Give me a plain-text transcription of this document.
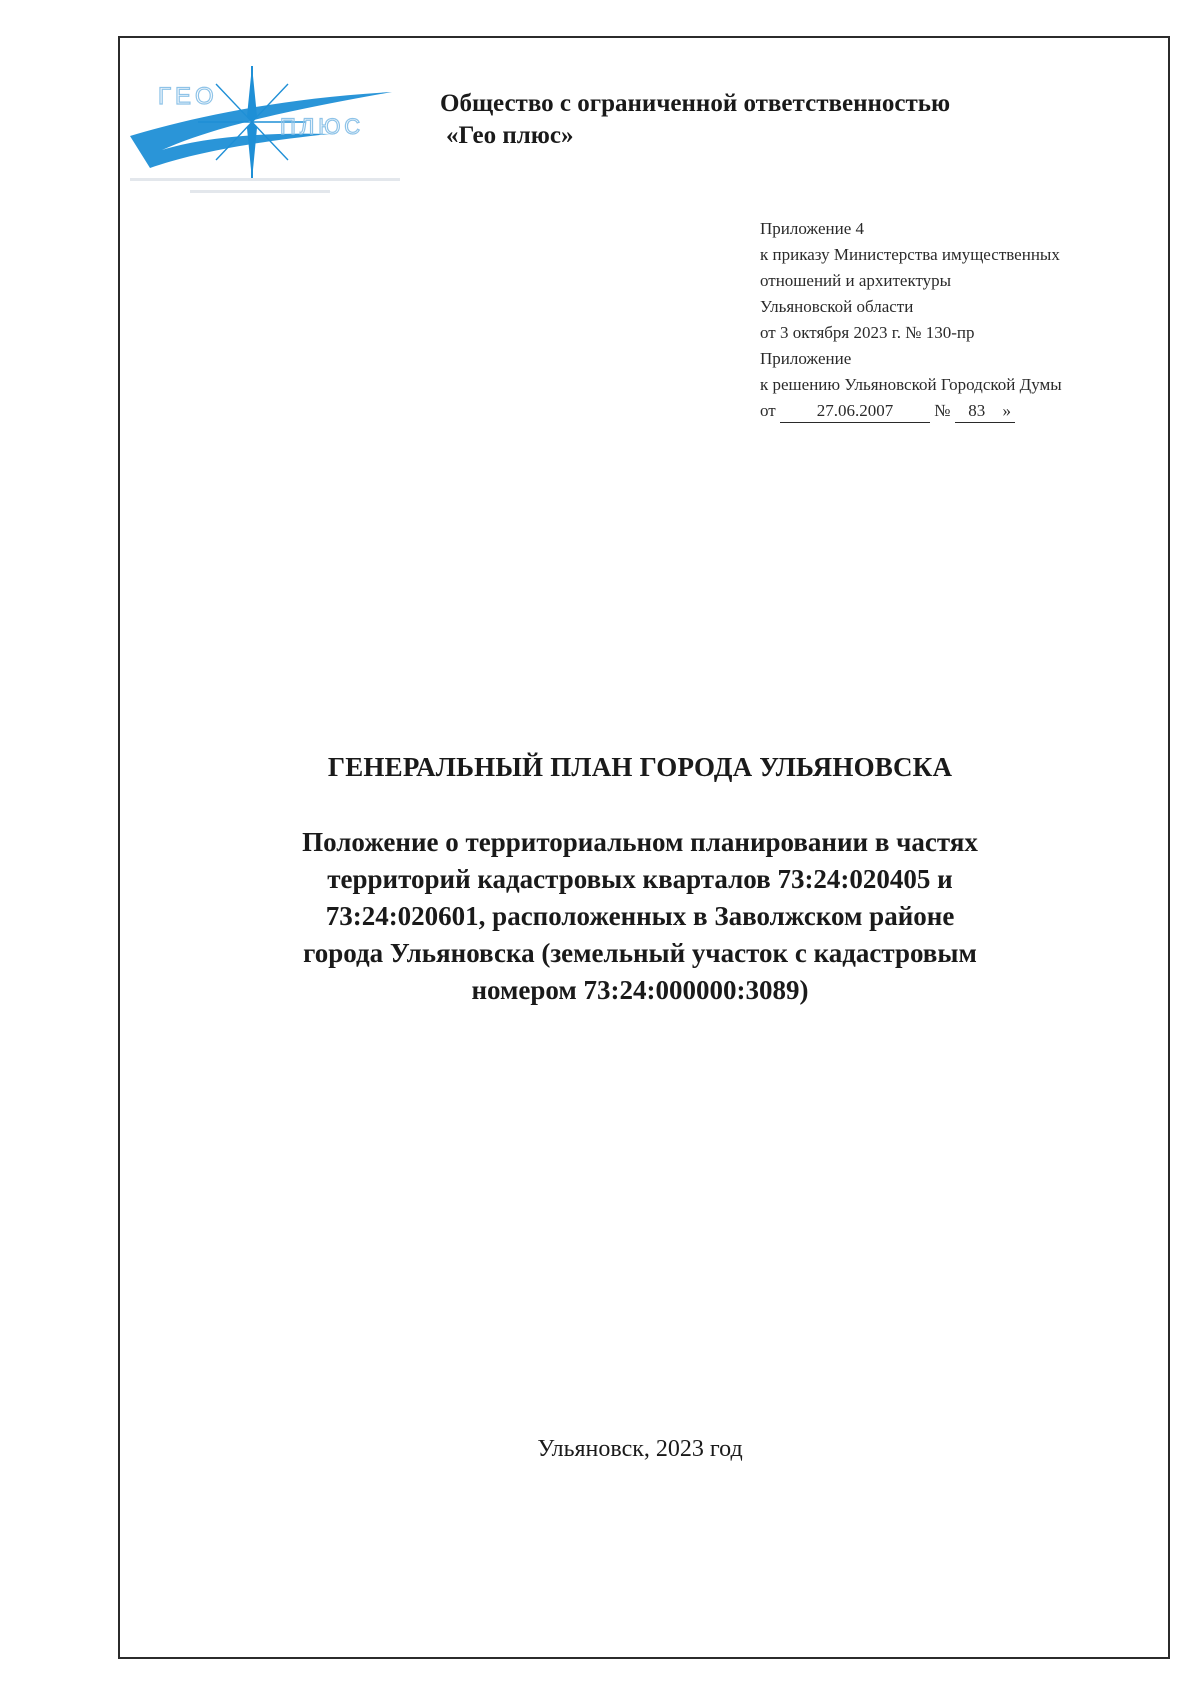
ГЕО
ПЛЮС
Общество с ограниченной ответственностью
«Гео плюс»
Приложение 4
к приказу Министерства имущественных
отношений и архитектуры
Ульяновской области
от 3 октября 2023 г. № 130-пр
Приложение
к решению Ульяновской Городской Думы
от 27.06.2007 № 83 »
ГЕНЕРАЛЬНЫЙ ПЛАН ГОРОДА УЛЬЯНОВСКА
Положение о территориальном планировании в частях
территорий кадастровых кварталов 73:24:020405 и
73:24:020601, расположенных в Заволжском районе
города Ульяновска (земельный участок с кадастровым
номером 73:24:000000:3089)
Ульяновск, 2023 год
